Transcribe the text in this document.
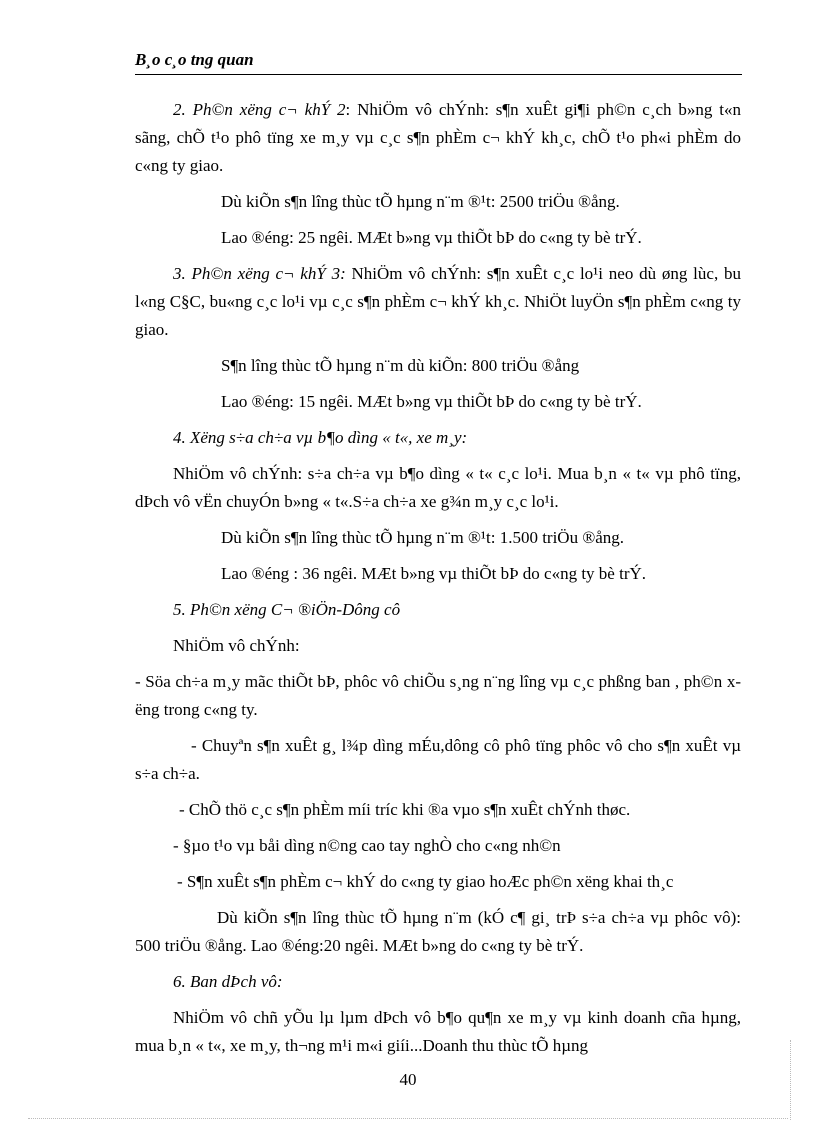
B¸o c¸o tng quan

2. Ph©n xëng c¬ khÝ 2: NhiÖm vô chÝnh: s¶n xuÊt gi¶i ph©n c¸ch b»ng t«n sãng, chÕ t¹o phô tïng xe m¸y vµ c¸c s¶n phÈm c¬ khÝ kh¸c, chÕ t¹o ph«i phÈm do c«ng ty giao.

Dù kiÕn s¶n lîng thùc tÕ hµng n¨m ®¹t: 2500 triÖu ®ång.

Lao ®éng: 25 ngêi. MÆt b»ng vµ thiÕt bÞ do c«ng ty bè trÝ.

3. Ph©n xëng c¬ khÝ 3: NhiÖm vô chÝnh: s¶n xuÊt c¸c lo¹i neo dù øng lùc, bu l«ng C§C, bu«ng c¸c lo¹i vµ c¸c s¶n phÈm c¬ khÝ kh¸c. NhiÖt luyÖn s¶n phÈm c«ng ty giao.

S¶n lîng thùc tÕ hµng n¨m dù kiÕn: 800 triÖu ®ång

Lao ®éng: 15 ngêi. MÆt b»ng vµ thiÕt bÞ do c«ng ty bè trÝ.

4. Xëng s÷a ch÷a vµ b¶o dìng « t«, xe m¸y:

NhiÖm vô chÝnh: s÷a ch÷a vµ b¶o dìng « t« c¸c lo¹i. Mua b¸n « t« vµ phô tïng, dÞch vô vËn chuyÓn b»ng « t«.S÷a ch÷a xe g¾n m¸y c¸c lo¹i.

Dù kiÕn s¶n lîng thùc tÕ hµng n¨m ®¹t: 1.500 triÖu ®ång.

Lao ®éng : 36 ngêi. MÆt b»ng vµ thiÕt bÞ do c«ng ty bè trÝ.

5. Ph©n xëng C¬ ®iÖn-Dông cô

NhiÖm vô chÝnh:

- Söa ch÷a m¸y mãc thiÕt bÞ, phôc vô chiÕu s¸ng n¨ng lîng vµ c¸c phßng ban , ph©n xëng trong c«ng ty.

- Chuyªn s¶n xuÊt g¸ l¾p dìng mÉu,dông cô phô tïng phôc vô cho s¶n xuÊt vµ s÷a ch÷a.

- ChÕ thö c¸c s¶n phÈm míi tríc khi ®a vµo s¶n xuÊt chÝnh thøc.

- §µo t¹o vµ båi dìng n©ng cao tay nghÒ cho c«ng nh©n

- S¶n xuÊt s¶n phÈm c¬ khÝ do c«ng ty giao hoÆc ph©n xëng khai th¸c

Dù kiÕn s¶n lîng thùc tÕ hµng n¨m (kÓ c¶ gi¸ trÞ s÷a ch÷a vµ phôc vô): 500 triÖu ®ång. Lao ®éng:20 ngêi. MÆt b»ng do c«ng ty bè trÝ.

6. Ban dÞch vô:

NhiÖm vô chñ yÕu lµ lµm dÞch vô b¶o qu¶n xe m¸y vµ kinh doanh cña hµng, mua b¸n « t«, xe m¸y, th¬ng m¹i m«i giíi...Doanh thu thùc tÕ hµng

40
